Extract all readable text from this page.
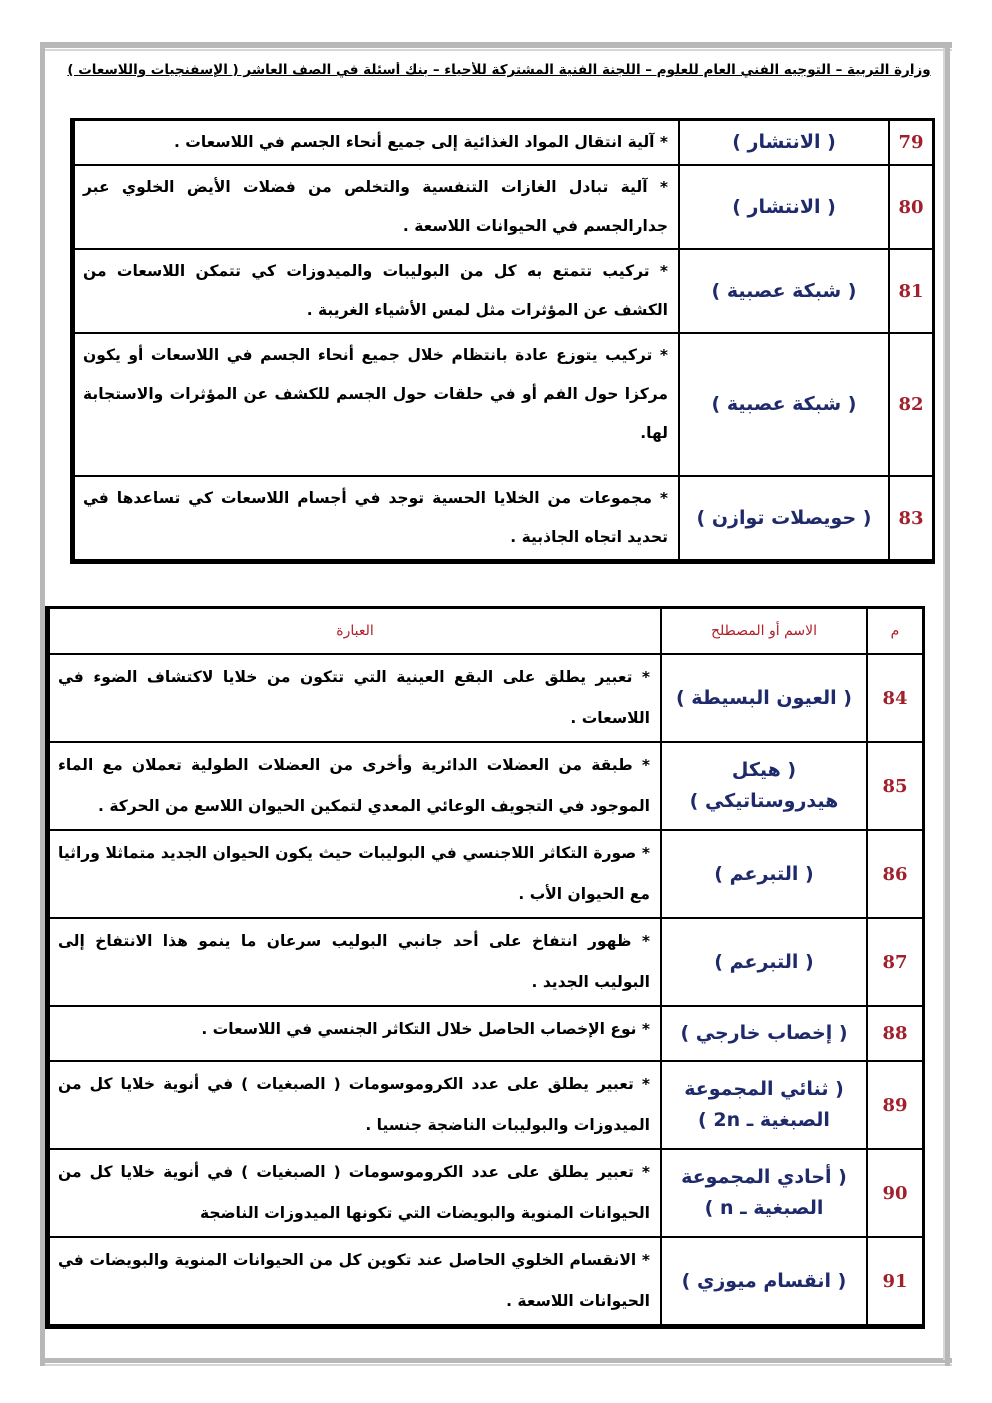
وزارة التربية – التوجيه الفني العام للعلوم – اللجنة الفنية المشتركة للأحياء – بنك أسئلة في الصف العاشر ( الإسفنجيات واللاسعات )
79	( الانتشار )	* آلية انتقال المواد الغذائية إلى جميع أنحاء الجسم في اللاسعات .
80	( الانتشار )	* آلية تبادل الغازات التنفسية والتخلص من فضلات الأيض الخلوي عبر جدارالجسم في الحيوانات اللاسعة .
81	( شبكة عصبية )	* تركيب تتمتع به كل من البوليبات والميدوزات كي تتمكن اللاسعات من الكشف عن المؤثرات مثل لمس الأشياء الغريبة .
82	( شبكة عصبية )	* تركيب يتوزع عادة بانتظام خلال جميع أنحاء الجسم في اللاسعات أو يكون مركزا حول الفم أو في حلقات حول الجسم للكشف عن المؤثرات والاستجابة لها.
83	( حويصلات توازن )	* مجموعات من الخلايا الحسية توجد في أجسام اللاسعات كي تساعدها في تحديد اتجاه الجاذبية .
م	الاسم أو المصطلح	العبارة
84	( العيون البسيطة )	* تعبير يطلق على البقع العينية التي تتكون من خلايا لاكتشاف الضوء في اللاسعات .
85	( هيكل هيدروستاتيكي )	* طبقة من العضلات الدائرية وأخرى من العضلات الطولية تعملان مع الماء الموجود في التجويف الوعائي المعدي لتمكين الحيوان اللاسع من الحركة .
86	( التبرعم )	* صورة التكاثر اللاجنسي في البوليبات حيث يكون الحيوان الجديد متماثلا وراثيا مع الحيوان الأب .
87	( التبرعم )	* ظهور انتفاخ على أحد جانبي البوليب سرعان ما ينمو هذا الانتفاخ إلى البوليب الجديد .
88	( إخصاب خارجي )	* نوع الإخصاب الحاصل خلال التكاثر الجنسي في اللاسعات .
89	( ثنائي المجموعة الصبغية ـ 2n )	* تعبير يطلق على عدد الكروموسومات ( الصبغيات ) في أنوية خلايا كل من الميدوزات والبوليبات الناضجة جنسيا .
90	( أحادي المجموعة الصبغية ـ n )	* تعبير يطلق على عدد الكروموسومات ( الصبغيات ) في أنوية خلايا كل من الحيوانات المنوية والبويضات التي تكونها الميدوزات الناضجة
91	( انقسام ميوزي )	* الانقسام الخلوي الحاصل عند تكوين كل من الحيوانات المنوية والبويضات في الحيوانات اللاسعة .
